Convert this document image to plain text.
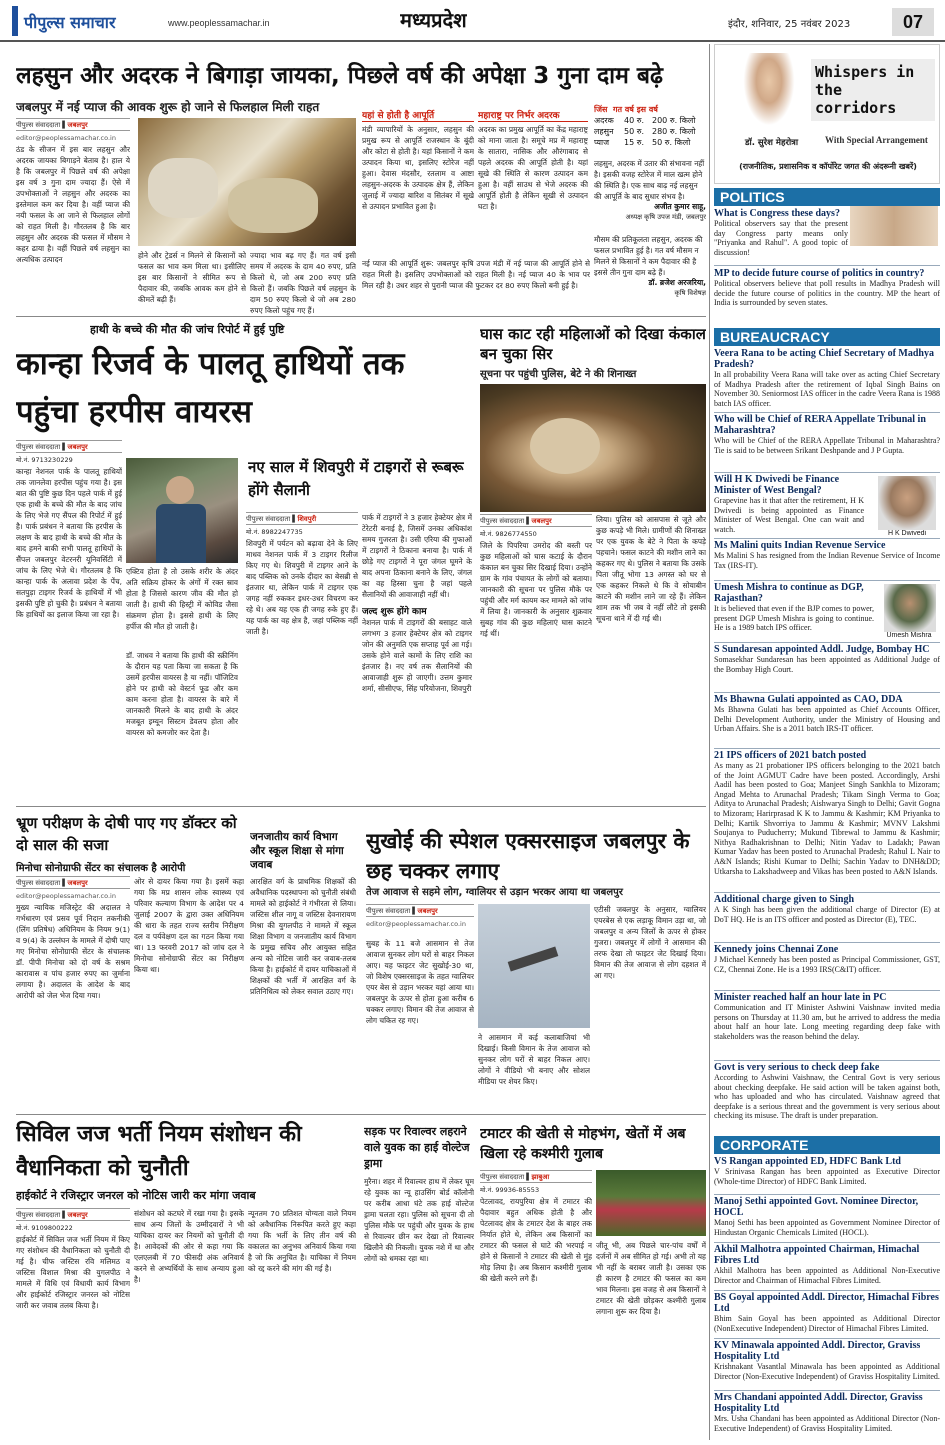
पीपुल्स समाचार	www.peoplessamachar.in	मध्यप्रदेश	इंदौर, शनिवार, 25 नवंबर 2023	07
लहसुन और अदरक ने बिगाड़ा जायका, पिछले वर्ष की अपेक्षा 3 गुना दाम बढ़े
जबलपुर में नई प्याज की आवक शुरू हो जाने से फिलहाल मिली राहत
पीपुल्स संवाददाता ▌जबलपुर
editor@peoplessamachar.co.in
ठंड के सीजन में इस बार लहसुन और अदरक जायका बिगाड़ने बेताब है। हाल ये है कि जबलपुर में पिछले वर्ष की अपेक्षा इस वर्ष 3 गुना दाम ज्यादा हैं। ऐसे में उपभोक्ताओं ने लहसुन और अदरक का इस्तेमाल कम कर दिया है। वहीं प्याज की नयी फसल के आ जाने से फिलहाल लोगों को राहत मिली है। गौरतलब है कि बार लहसुन और अदरक की फसल में मौसम ने कहर ढाया है। वहीं पिछले वर्ष लहसुन का अत्यधिक उत्पादन	होने और ट्रेडर्स न मिलने से किसानों को फसल का भाव कम मिला था। इसीलिए इस बार किसानों ने सीमित रूप से पैदावार की, जबकि आवक कम होने से कीमतें बढ़ी हैं।
ज्यादा भाव बढ़ गए हैं। गत वर्ष इसी समय में अदरक के दाम 40 रुपए, प्रति किलो थे, जो अब 200 रुपए प्रति किलो हैं। जबकि पिछले वर्ष लहसुन के दाम 50 रुपए किलो थे जो अब 280 रुपए किलो पहुंच गए हैं।
यहां से होती है आपूर्ति
मंडी व्यापारियों के अनुसार, लहसुन की प्रमुख रूप से आपूर्ति राजस्थान के बूंदी और कोटा से होती है। यहां किसानों ने कम उत्पादन किया था, इसलिए स्टोरेज नहीं हुआ। देवास मंदसौर, रतलाम व आष्टा लहसुन-अदरक के उत्पादक क्षेत्र हैं, लेकिन जुलाई में ज्यादा बारिश व सितंबर में सूखे से उत्पादन प्रभावित हुआ है।
महाराष्ट्र पर निर्भर अदरक
अदरक का प्रमुख आपूर्ति का केंद्र महाराष्ट्र को माना जाता है। समूचे मप्र में महाराष्ट्र के सातारा, नासिक और औरंगाबाद से पहले अदरक की आपूर्ति होती है। यहां सूखे की स्थिति से कारण उत्पादन कम हुआ है। वहीं साउथ से भेजे अदरक की आपूर्ति होती है लेकिन सूखी से उत्पादन घटा है।
नई प्याज की आपूर्ति शुरू: जबलपुर कृषि उपज मंडी में नई प्याज की आपूर्ति होने से राहत मिली है। इसलिए उपभोक्ताओं को राहत मिली है। नई प्याज 40 के भाव पर मिल रही है। उधर शहर से पुरानी प्याज की फुटकर दर 80 रुपए किलो बनी हुई है।
जिंस गत वर्ष इस वर्ष
अदरक 40 रु. 200 रु. किलो
लहसुन 50 रु. 280 रु. किलो
प्याज 15 रु. 50 रु. किलो
लहसुन, अदरक में उतार की संभावना नहीं है। इसकी वजह स्टोरेज में माल खत्म होने की स्थिति है। एक साथ बाढ़ नई लहसुन की आपूर्ति के बाद सुधार संभव है।
अजीत कुमार साहू,
अध्यक्ष कृषि उपज मंडी, जबलपुर
मौसम की प्रतिकूलता लहसुन, अदरक की फसल प्रभावित हुई है। गत वर्ष मौसम न मिलने से किसानों ने कम पैदावार की है इससे तीन गुना दाम बढ़े हैं।
डॉ. ब्रजेश अरजरिया,
कृषि विशेषज्ञ
हाथी के बच्चे की मौत की जांच रिपोर्ट में हुई पुष्टि
कान्हा रिजर्व के पालतू हाथियों तक पहुंचा हरपीस वायरस
पीपुल्स संवाददाता ▌जबलपुर
मो.नं. 9713230229
कान्हा नेशनल पार्क के पालतू हाथियों तक जानलेवा हरपीस पहुंच गया है। इस बात की पुष्टि कुछ दिन पहले पार्क में हुई एक हाथी के बच्चे की मौत के बाद जांच के लिए भेजे गए सैंपल की रिपोर्ट में हुई है। पार्क प्रबंधन ने बताया कि हरपीस के लक्षण के बाद हाथी के बच्चे की मौत के बाद हमने बाकी सभी पालतू हाथियों के सैंपल जबलपुर वेटरनरी यूनिवर्सिटी में जांच के लिए भेजे थे। गौरतलब है कि कान्हा पार्क के अलावा प्रदेश के पेंच, सतपुड़ा टाइगर रिजर्व के हाथियों में भी इसकी पुष्टि हो चुकी है। प्रबंधन ने बताया कि हाथियों का इलाज किया जा रहा है।
एक्टिव होता है तो उसके शरीर के अंदर अति सक्रिय होकर के अंगों में रक्त स्राव होता है जिससे कारण जीव की मौत हो जाती है। हाथी की हिस्ट्री में कोविड जैसा संक्रमण होता है। इससे हाथी के लिए हर्पीज की मौत हो जाती है।
डॉ. जाधव ने बताया कि हाथी की स्क्रीनिंग के दौरान यह पता किया जा सकता है कि उसमें हरपीस वायरस है या नहीं। पॉजिटिव होने पर हाथी को वेस्टर्न फूड और कम काम करना होता है। वायरस के बारे में जानकारी मिलने के बाद हाथी के अंदर मजबूत इम्यून सिस्टम डेवलप होता और वायरस को कमजोर कर देता है।
नए साल में शिवपुरी में टाइगरों से रूबरू होंगे सैलानी
पीपुल्स संवाददाता ▌शिवपुरी
मो.नं. 8982247735
शिवपुरी में पर्यटन को बढ़ावा देने के लिए माधव नेशनल पार्क में 3 टाइगर रिलीज किए गए थे। शिवपुरी में टाइगर आने के बाद पब्लिक को उनके दीदार का बेसब्री से इंतजार था, लेकिन पार्क में टाइगर एक जगह नहीं रुककर इधर-उधर विचरण कर रहे थे। अब यह एक ही जगह रुके हुए हैं। यह पार्क का वह क्षेत्र है, जहां पब्लिक नहीं जाती है।
पार्क में टाइगरों ने 3 हजार हेक्टेयर क्षेत्र में टेरेटरी बनाई है, जिसमें उनका अधिकांश समय गुजरता है। उसी एरिया की गुफाओं में टाइगरों ने ठिकाना बनाया है। पार्क में छोड़े गए टाइगरों ने पूरा जंगल घूमने के बाद अपना ठिकाना बनाने के लिए, जंगल का वह हिस्सा चुना है जहां पहले सैलानियों की आवाजाही नहीं थी।
जल्द शुरू होंगे काम
नेशनल पार्क में टाइगरों की बसाहट वाले लगभग 3 हजार हेक्टेयर क्षेत्र को टाइगर जोन की अनुमति एक सप्ताह पूर्व आ गई। उसके होने वाले कामों के लिए राशि का इंतजार है। नए वर्ष तक सैलानियों की आवाजाही शुरू हो जाएगी। उत्तम कुमार शर्मा, सीसीएफ, सिंह परियोजना, शिवपुरी
घास काट रही महिलाओं को दिखा कंकाल बन चुका सिर
सूचना पर पहुंची पुलिस, बेटे ने की शिनाख्त
पीपुल्स संवाददाता ▌जबलपुर
मो.नं. 9826774550
जिले के पिपरिया उमरोद की बस्ती पर कुछ महिलाओं को घास कटाई के दौरान कंकाल बन चुका सिर दिखाई दिया। उन्होंने ग्राम के गांव पंचायत के लोगों को बताया। जानकारी की सूचना पर पुलिस मौके पर पहुंची और मर्ग कायम कर मामले को जांच में लिया है। जानकारी के अनुसार शुक्रवार सुबह गांव की कुछ महिलाएं घास काटने गई थीं।
लिया। पुलिस को आसपास से जूते और कुछ कपड़े भी मिले। ग्रामीणों की शिनाख्त पर एक युवक के बेटे ने पिता के कपड़े पहचाने। फसल काटने की मशीन लाने का कहकर गए थे। पुलिस ने बताया कि उसके पिता जीतू भोगा 13 अगस्त को घर से एक कहकर निकले थे कि वे सोयाबीन काटने की मशीन लाने जा रहे हैं। लेकिन शाम तक भी जब वे नहीं लौटे तो इसकी सूचना थाने में दी गई थी।
भ्रूण परीक्षण के दोषी पाए गए डॉक्टर को दो साल की सजा
मिनोचा सोनोग्राफी सेंटर का संचालक है आरोपी
पीपुल्स संवाददाता ▌जबलपुर
editor@peoplessamachar.co.in
मुख्य न्यायिक मजिस्ट्रेट की अदालत ने गर्भधारण एवं प्रसव पूर्व निदान तकनीकी (लिंग प्रतिषेध) अधिनियम के नियम 9(1) व 9(4) के उल्लंघन के मामले में दोषी पाए गए मिनोचा सोनोग्राफी सेंटर के संचालक डॉ. पीपी मिनोचा को दो वर्ष के सश्रम कारावास व पांच हजार रुपए का जुर्माना लगाया है। अदालत के आदेश के बाद आरोपी को जेल भेज दिया गया।
ओर से दायर किया गया है। इसमें कहा गया कि मप्र शासन लोक स्वास्थ्य एवं परिवार कल्याण विभाग के आदेश पर 4 जुलाई 2007 के द्वारा उक्त अधिनियम की धारा के तहत राज्य स्तरीय निरीक्षण दल व पर्यवेक्षण दल का गठन किया गया था। 13 फरवरी 2017 को जांच दल ने मिनोचा सोनोग्राफी सेंटर का निरीक्षण किया था।
जनजातीय कार्य विभाग और स्कूल शिक्षा से मांगा जवाब
आरक्षित वर्ग के प्राथमिक शिक्षकों की अवैधानिक पदस्थापना को चुनौती संबंधी मामले को हाईकोर्ट ने गंभीरता से लिया। जस्टिस शील नागू व जस्टिस देवनारायण मिश्रा की युगलपीठ ने मामले में स्कूल शिक्षा विभाग व जनजातीय कार्य विभाग के प्रमुख सचिव और आयुक्त सहित अन्य को नोटिस जारी कर जवाब-तलब किया है। हाईकोर्ट में दायर याचिकाओं में शिक्षकों की भर्ती में आरक्षित वर्ग के प्रतिनिधित्व को लेकर सवाल उठाए गए।
सुखोई की स्पेशल एक्सरसाइज जबलपुर के छह चक्कर लगाए
तेज आवाज से सहमे लोग, ग्वालियर से उड़ान भरकर आया था जबलपुर
पीपुल्स संवाददाता ▌जबलपुर
editor@peoplessamachar.co.in
सुबह के 11 बजे आसमान से तेज आवाज सुनकर लोग घरों से बाहर निकल आए। यह फाइटर जेट सुखोई-30 था, जो विशेष एक्सरसाइज के तहत ग्वालियर एयर बेस से उड़ान भरकर यहां आया था। जबलपुर के ऊपर से होता हुआ करीब 6 चक्कर लगाए। विमान की तेज आवाज से लोग चकित रह गए।
ने आसमान में कई कलाबाजियां भी दिखाई। किसी विमान के तेज आवाज को सुनकर लोग घरों से बाहर निकल आए। लोगों ने वीडियो भी बनाए और सोशल मीडिया पर शेयर किए।
एटीसी जबलपुर के अनुसार, ग्वालियर एयरबेस से एक लड़ाकू विमान उड़ा था, जो जबलपुर व अन्य जिलों के ऊपर से होकर गुजरा। जबलपुर में लोगों ने आसमान की तरफ देखा तो फाइटर जेट दिखाई दिया। विमान की तेज आवाज से लोग दहशत में आ गए।
सिविल जज भर्ती नियम संशोधन की वैधानिकता को चुनौती
हाईकोर्ट ने रजिस्ट्रार जनरल को नोटिस जारी कर मांगा जवाब
पीपुल्स संवाददाता ▌जबलपुर
मो.नं. 9109800222
हाईकोर्ट में सिविल जज भर्ती नियम में किए गए संशोधन की वैधानिकता को चुनौती दी गई है। चीफ जस्टिस रवि मलिमठ व जस्टिस विशाल मिश्रा की युगलपीठ ने मामले में विधि एवं विधायी कार्य विभाग और हाईकोर्ट रजिस्ट्रार जनरल को नोटिस जारी कर जवाब तलब किया है।
संशोधन को कटघरे में रखा गया है। इसके साथ अन्य जिलों के उम्मीदवारों ने भी याचिका दायर कर नियमों को चुनौती दी है। आवेदकों की ओर से कहा गया कि एलएलबी में 70 फीसदी अंक अनिवार्य करने से अभ्यर्थियों के साथ अन्याय हुआ है।
न्यूनतम 70 प्रतिशत योग्यता वाले नियम को अवैधानिक निरूपित करते हुए कहा गया कि भर्ती के लिए तीन वर्ष की वकालत का अनुभव अनिवार्य किया गया है जो कि अनुचित है। याचिका में नियम को रद्द करने की मांग की गई है।
सड़क पर रिवाल्वर लहराने वाले युवक का हाई वोल्टेज ड्रामा
मुरैना। शहर में रिवाल्वर हाथ में लेकर घूम रहे युवक का न्यू हाउसिंग बोर्ड कॉलोनी पर करीब आधा घंटे तक हाई वोल्टेज ड्रामा चलता रहा। पुलिस को सूचना दी तो पुलिस मौके पर पहुंची और युवक के हाथ से रिवाल्वर छीन कर देखा तो रिवाल्वर खिलौने की निकली। युवक नशे में था और लोगों को धमका रहा था।
टमाटर की खेती से मोहभंग, खेतों में अब खिला रहे कश्मीरी गुलाब
पीपुल्स संवाददाता ▌झाबुआ
मो.नं. 99936-85553
पेटलावद, रायपुरिया क्षेत्र में टमाटर की पैदावार बहुत अधिक होती है और पेटलावद क्षेत्र के टमाटर देश के बाहर तक निर्यात होते थे, लेकिन अब किसानों का टमाटर की फसल से घाटे की भरपाई न होने से किसानों ने टमाटर की खेती से मुंह मोड़ लिया है। अब किसान कश्मीरी गुलाब की खेती करने लगे हैं।
जीतू भी, अब पिछले चार-पांच वर्षों में दर्जनों में अब सीमित हो गई। अभी तो यह भी नहीं के बराबर जाती है। उसका एक ही कारण है टमाटर की फसल का कम भाव मिलना। इस वजह से अब किसानों ने टमाटर की खेती छोड़कर कश्मीरी गुलाब लगाना शुरू कर दिया है।
Whispers in the corridors
With Special Arrangement
डॉ. सुरेश मेहरोत्रा
(राजनीतिक, प्रशासनिक व कॉर्पोरेट जगत की अंदरूनी खबरें)
POLITICS
What is Congress these days?
Political observers say that the present day Congress party means only "Priyanka and Rahul". A good topic of discussion!
MP to decide future course of politics in country?
Political observers believe that poll results in Madhya Pradesh will decide the future course of politics in the country. MP the heart of India is surrounded by seven states.
BUREAUCRACY
Veera Rana to be acting Chief Secretary of Madhya Pradesh?
In all probability Veera Rana will take over as acting Chief Secretary of Madhya Pradesh after the retirement of Iqbal Singh Bains on November 30. Seniormost IAS officer in the cadre Veera Rana is 1988 batch IAS officer.
Who will be Chief of RERA Appellate Tribunal in Maharashtra?
Who will be Chief of the RERA Appellate Tribunal in Maharashtra? Tie is said to be between Srikant Deshpande and J P Gupta.
Will H K Dwivedi be Finance Minister of West Bengal?
Grapevine has it that after the retirement, H K Dwivedi is being appointed as Finance Minister of West Bengal. One can wait and watch.	H K Dwivedi
Ms Malini quits Indian Revenue Service
Ms Malini S has resigned from the Indian Revenue Service of Income Tax (IRS-IT).
Umesh Mishra to continue as DGP, Rajasthan?
It is believed that even if the BJP comes to power, present DGP Umesh Mishra is going to continue. He is a 1989 batch IPS officer.
Umesh Mishra
S Sundaresan appointed Addl. Judge, Bombay HC
Somasekhar Sundaresan has been appointed as Additional Judge of the Bombay High Court.
Ms Bhawna Gulati appointed as CAO, DDA
Ms Bhawna Gulati has been appointed as Chief Accounts Officer, Delhi Development Authority, under the Ministry of Housing and Urban Affairs. She is a 2011 batch IRS-IT officer.
21 IPS officers of 2021 batch posted
As many as 21 probationer IPS officers belonging to the 2021 batch of the Joint AGMUT Cadre have been posted. Accordingly, Arshi Aadil has been posted to Goa; Manjeet Singh Sankhla to Mizoram; Angad Mehta to Arunachal Pradesh; Tikam Singh Verma to Goa; Aditya to Arunachal Pradesh; Aishwarya Singh to Delhi; Gavit Gogna to Mizoram; Harirprasad K K to Jammu & Kashmir; KM Priyanka to Delhi; Kartik Shvorriya to Jammu & Kashmir; MVNV Lakshmi Soujanya to Puducherry; Mukund Tibrewal to Jammu & Kashmir; Nithya Radhakrishnan to Delhi; Nitin Yadav to Ladakh; Pawan Kumar Yadav has been posted to Arunachal Pradesh; Rahul L Nair to A&N Islands; Rishi Kumar to Delhi; Sachin Yadav to DNH&DD; Utkarsha to Lakshadweep and Vikas has been posted to A&N Islands.
Additional charge given to Singh
A K Singh has been given the additional charge of Director (E) at DoT HQ. He is an ITS officer and posted as Director (E), TEC.
Kennedy joins Chennai Zone
J Michael Kennedy has been posted as Principal Commissioner, GST, CZ, Chennai Zone. He is a 1993 IRS(C&IT) officer.
Minister reached half an hour late in PC
Communication and IT Minister Ashwini Vaishnaw invited media persons on Thursday at 11.30 am, but he arrived to address the media about half an hour late. Long meeting regarding deep fake with stakeholders was the reason behind the delay.
Govt is very serious to check deep fake
According to Ashwini Vaishnaw, the Central Govt is very serious about checking deepfake. He said action will be taken against both, who has uploaded and who has circulated. Vaishnaw agreed that deepfake is a serious threat and the government is very serious about checking its misuse. The draft is under preparation.
CORPORATE
VS Rangan appointed ED, HDFC Bank Ltd
V Srinivasa Rangan has been appointed as Executive Director (Whole-time Director) of HDFC Bank Limited.
Manoj Sethi appointed Govt. Nominee Director, HOCL
Manoj Sethi has been appointed as Government Nominee Director of Hindustan Organic Chemicals Limited (HOCL).
Akhil Malhotra appointed Chairman, Himachal Fibres Ltd
Akhil Malhotra has been appointed as Additional Non-Executive Director and Chairman of Himachal Fibres Limited.
BS Goyal appointed Addl. Director, Himachal Fibres Ltd
Bhim Sain Goyal has been appointed as Additional Director (NonExecutive Independent) Director of Himachal Fibres Limited.
KV Minawala appointed Addl. Director, Graviss Hospitality Ltd
Krishnakant Vasantlal Minawala has been appointed as Additional Director (Non-Executive Independent) of Graviss Hospitality Limited.
Mrs Chandani appointed Addl. Director, Graviss Hospitality Ltd
Mrs. Usha Chandani has been appointed as Additional Director (Non-Executive Independent) of Graviss Hospitality Limited.
